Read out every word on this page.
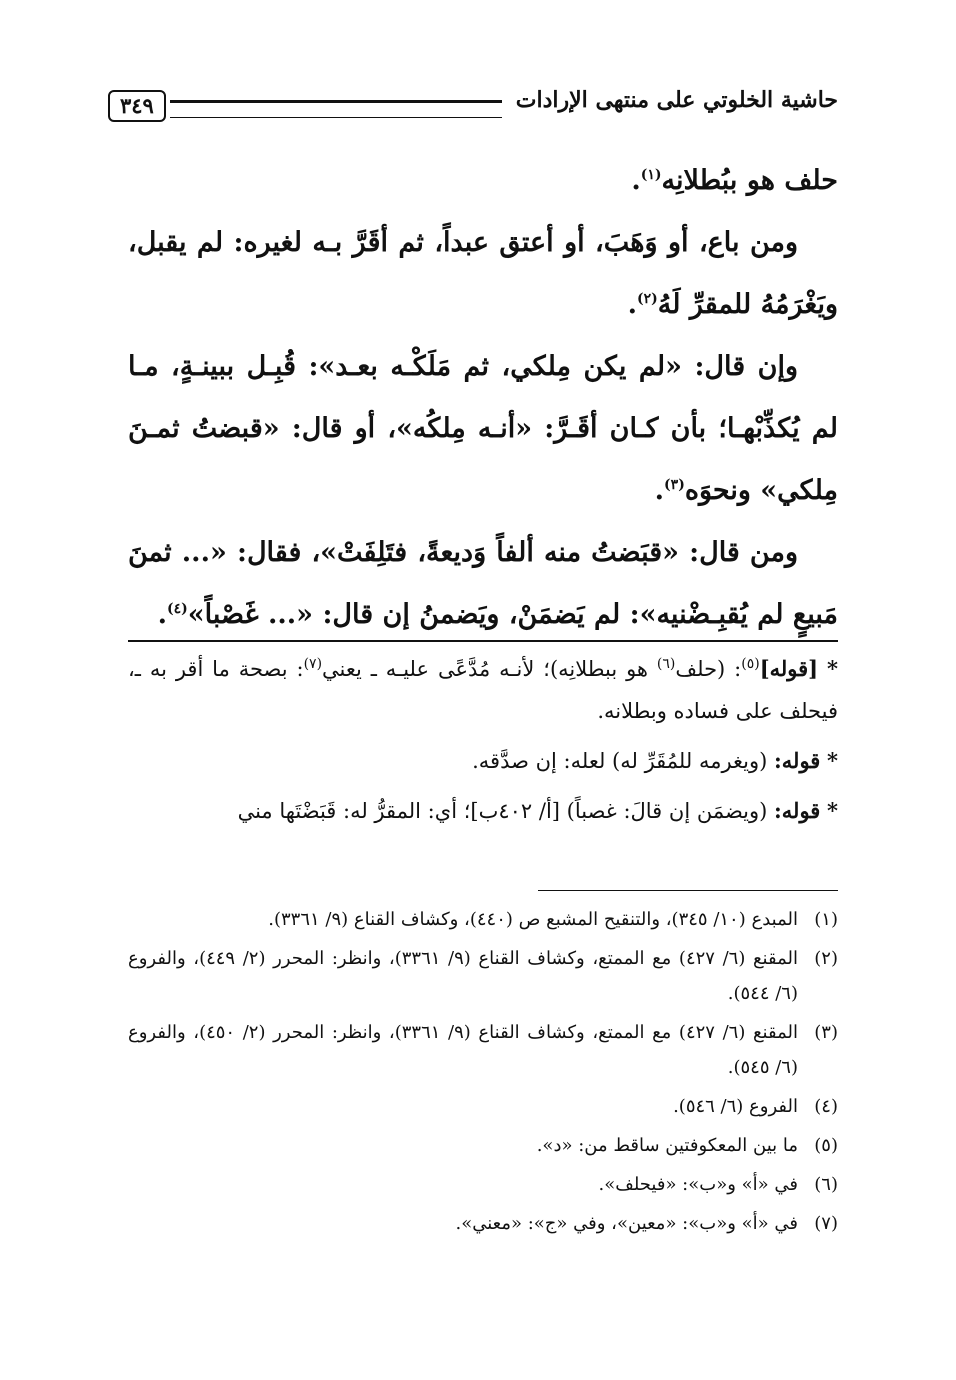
حاشية الخلوتي على منتهى الإرادات
٣٤٩

حلف هو ببُطلانِه$^{(١)}$.

ومن باع، أو وَهَبَ، أو أعتق عبداً، ثم أقَرَّ بـه لغيره: لم يقبل، ويَغْرَمُهُ للمقرِّ لَهُ$^{(٢)}$.

وإن قال: «لم يكن مِلكي، ثم مَلَكْـه بعـد»: قُبِـل ببينـةٍ، مـا لم يُكذِّبْهـا؛ بأن كـان أقَـرَّ: «أنـه مِلكُه»، أو قال: «قبضتُ ثمـنَ مِلكي» ونحوَه$^{(٣)}$.

ومن قال: «قبَضتُ منه ألفاً وَديعةً، فتَلِفَتْ»، فقال: «... ثمنَ مَبيعٍ لم يُقبِـضْنيه»: لم يَضمَنْ، ويَضمنُ إن قال: «... غَصْباً»$^{(٤)}$.

* [قوله]$^{(٥)}$: (حلف$^{(٦)}$ هو ببطلانِه)؛ لأنـه مُدَّعًى عليـه ـ يعني$^{(٧)}$: بصحة ما أقر به ـ، فيحلف على فساده وبطلانه.

* قوله: (ويغرمه للمُقَرِّ له) لعله: إن صدَّقه.

* قوله: (ويضمَن إن قالَ: غصباً) [أ/ ٤٠٢ب]؛ أي: المقرُّ له: قَبَضْتَها مني

(١)
المبدع (١٠/ ٣٤٥)، والتنقيح المشبع ص (٤٤٠)، وكشاف القناع (٩/ ٣٣٦١).
(٢)
المقنع (٦/ ٤٢٧) مع الممتع، وكشاف القناع (٩/ ٣٣٦١)، وانظر: المحرر (٢/ ٤٤٩)، والفروع (٦/ ٥٤٤).
(٣)
المقنع (٦/ ٤٢٧) مع الممتع، وكشاف القناع (٩/ ٣٣٦١)، وانظر: المحرر (٢/ ٤٥٠)، والفروع (٦/ ٥٤٥).
(٤)
الفروع (٦/ ٥٤٦).
(٥)
ما بين المعكوفتين ساقط من: «د».
(٦)
في «أ» و«ب»: «فيحلف».
(٧)
في «أ» و«ب»: «معين»، وفي «ج»: «معني».
